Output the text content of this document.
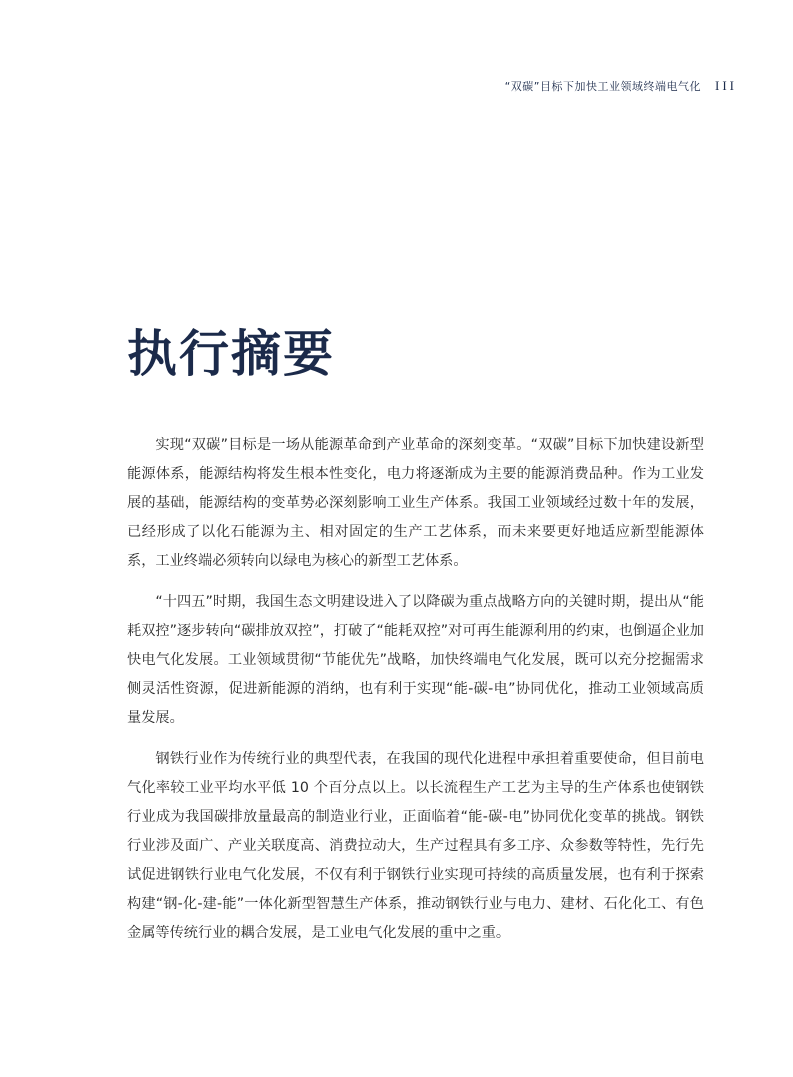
“双碳”目标下加快工业领域终端电气化 III
执行摘要

实现“双碳”目标是一场从能源革命到产业革命的深刻变革。“双碳”目标下加快建设新型能源体系，能源结构将发生根本性变化，电力将逐渐成为主要的能源消费品种。作为工业发展的基础，能源结构的变革势必深刻影响工业生产体系。我国工业领域经过数十年的发展，已经形成了以化石能源为主、相对固定的生产工艺体系，而未来要更好地适应新型能源体系，工业终端必须转向以绿电为核心的新型工艺体系。

“十四五”时期，我国生态文明建设进入了以降碳为重点战略方向的关键时期，提出从“能耗双控”逐步转向“碳排放双控”，打破了“能耗双控”对可再生能源利用的约束，也倒逼企业加快电气化发展。工业领域贯彻“节能优先”战略，加快终端电气化发展，既可以充分挖掘需求侧灵活性资源，促进新能源的消纳，也有利于实现“能-碳-电”协同优化，推动工业领域高质量发展。

钢铁行业作为传统行业的典型代表，在我国的现代化进程中承担着重要使命，但目前电气化率较工业平均水平低 10 个百分点以上。以长流程生产工艺为主导的生产体系也使钢铁行业成为我国碳排放量最高的制造业行业，正面临着“能-碳-电”协同优化变革的挑战。钢铁行业涉及面广、产业关联度高、消费拉动大，生产过程具有多工序、众参数等特性，先行先试促进钢铁行业电气化发展，不仅有利于钢铁行业实现可持续的高质量发展，也有利于探索构建“钢-化-建-能”一体化新型智慧生产体系，推动钢铁行业与电力、建材、石化化工、有色金属等传统行业的耦合发展，是工业电气化发展的重中之重。
